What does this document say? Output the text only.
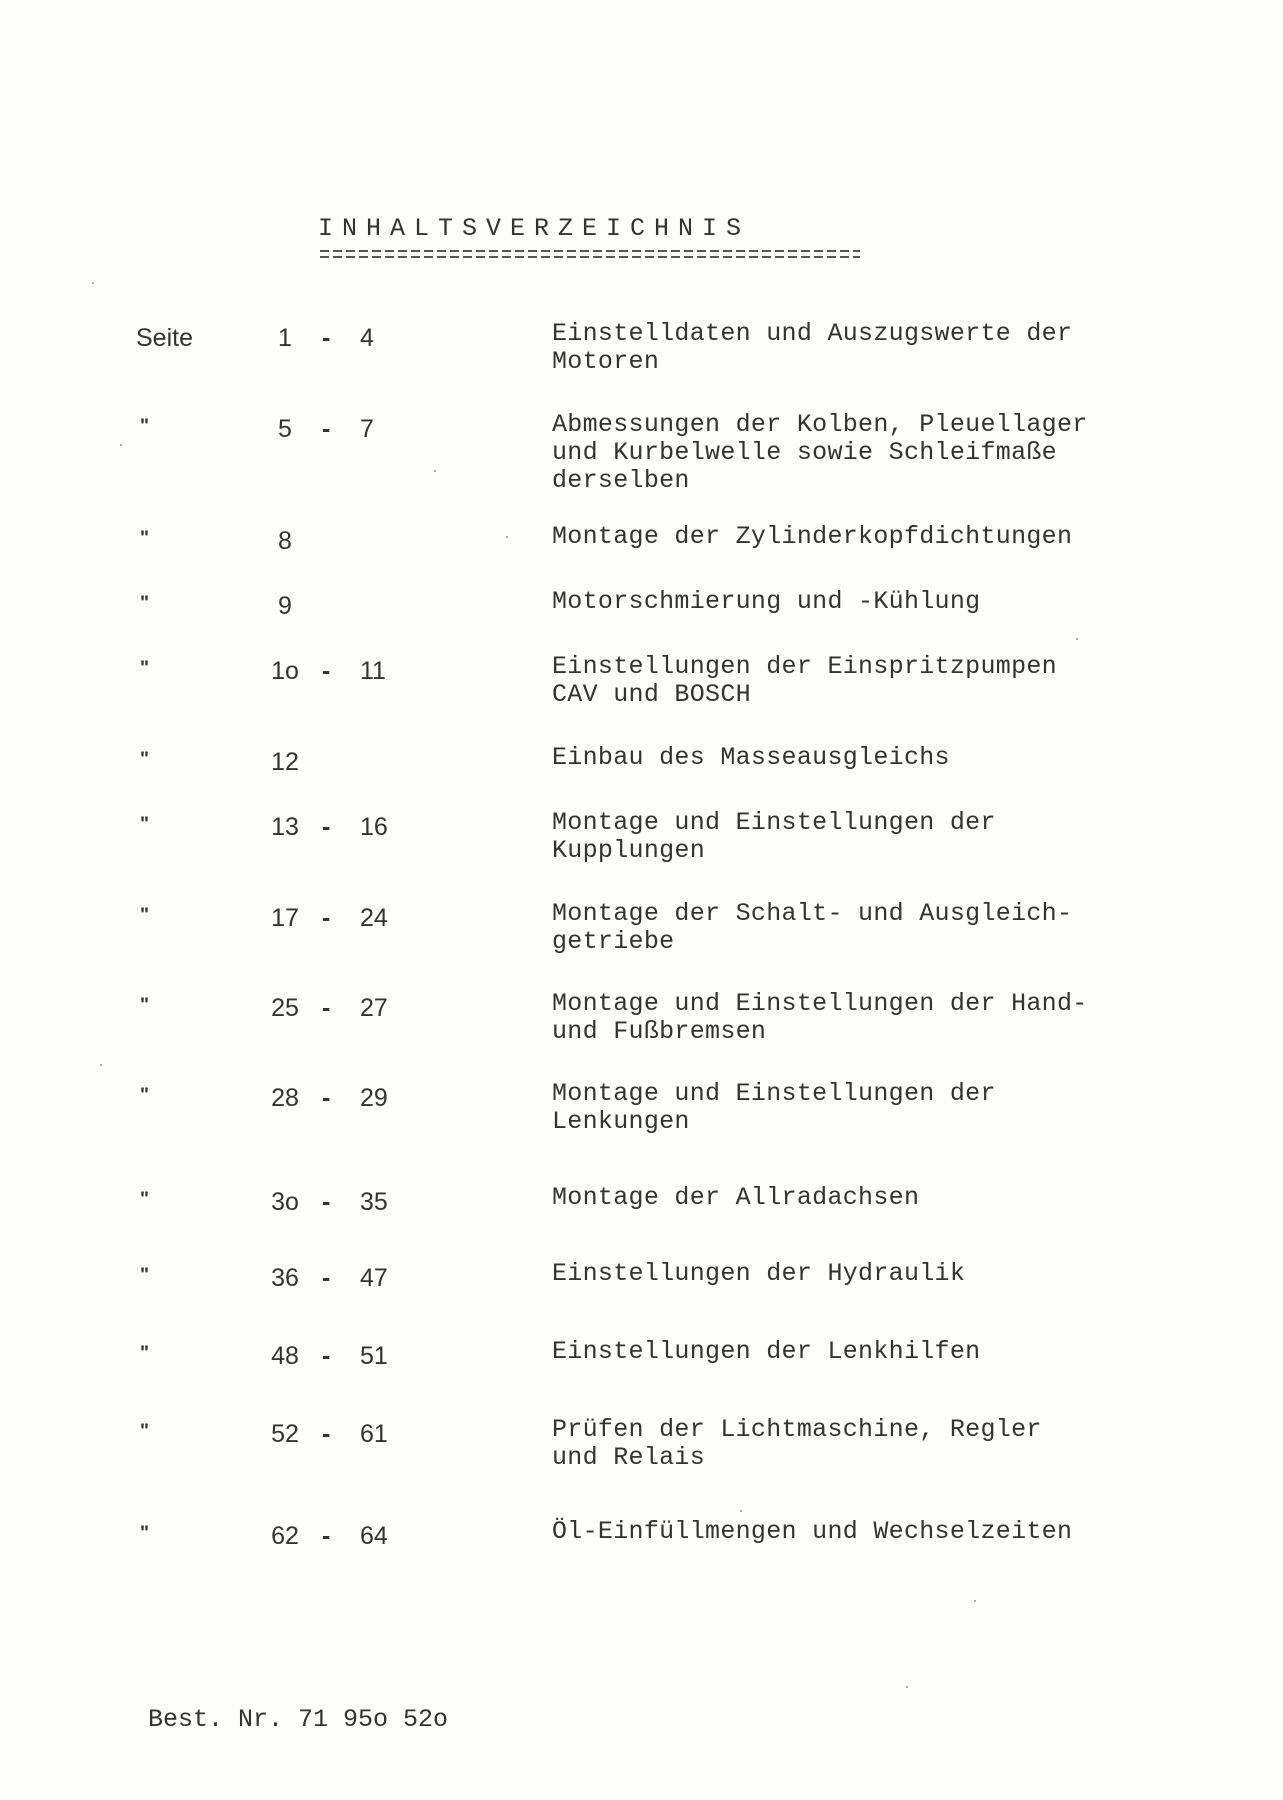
INHALTSVERZEICHNIS
Seite	1	- 4	Einstelldaten und Auszugswerte der
Motoren
"	5	- 7	Abmessungen der Kolben, Pleuellager
und Kurbelwelle sowie Schleifmaße
derselben
"	8	Montage der Zylinderkopfdichtungen
"	9	Motorschmierung und -Kühlung
"	1o - 11	Einstellungen der Einspritzpumpen
CAV und BOSCH
"	12	Einbau des Masseausgleichs
"	13 - 16	Montage und Einstellungen der
Kupplungen
"	17 - 24	Montage der Schalt- und Ausgleich-
getriebe
"	25 - 27	Montage und Einstellungen der Hand-
und Fußbremsen
"	28 - 29	Montage und Einstellungen der
Lenkungen
"	3o - 35	Montage der Allradachsen
"	36 - 47	Einstellungen der Hydraulik
"	48 - 51	Einstellungen der Lenkhilfen
"	52 - 61	Prüfen der Lichtmaschine, Regler
und Relais
"	62 - 64	Öl-Einfüllmengen und Wechselzeiten
Best. Nr. 71 95o 52o
